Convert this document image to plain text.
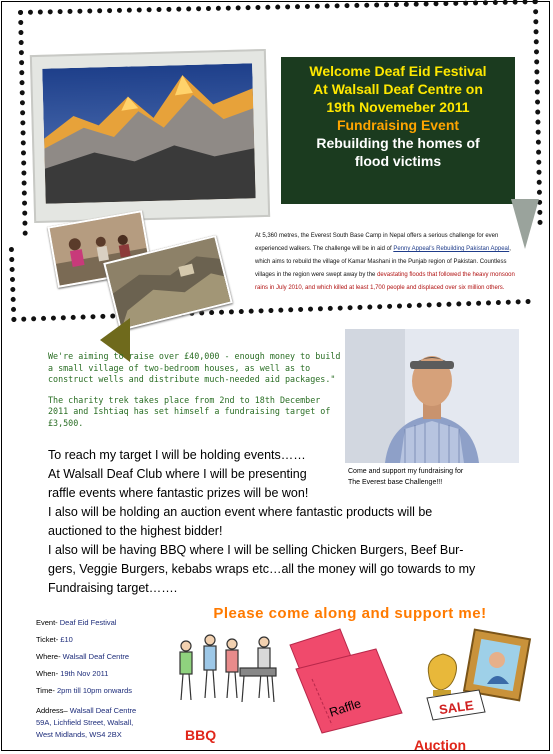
Welcome Deaf Eid Festival
At Walsall Deaf Centre on
19th Novemeber 2011
Fundraising Event
Rebuilding the homes of
flood victims
At 5,360 metres, the Everest South Base Camp in Nepal offers a serious challenge for even experienced walkers. The challenge will be in aid of Penny Appeal's Rebuilding Pakistan Appeal, which aims to rebuild the village of Kamar Mashani in the Punjab region of Pakistan. Countless villages in the region were swept away by the devastating floods that followed the heavy monsoon rains in July 2010, and which killed at least 1,700 people and displaced over six million others.

We're aiming to raise over £40,000 - enough money to build a small village of two-bedroom houses, as well as to construct wells and distribute much-needed aid packages."

The charity trek takes place from 2nd to 18th December 2011 and Ishtiaq has set himself a fundraising target of £3,500.

Come and support my fundraising for
The Everest base Challenge!!!
To reach my target I will be holding events……
At Walsall Deaf Club where I will be presenting
raffle events where fantastic prizes will be won!
I also will be holding an auction event where fantastic products will be
auctioned to the highest bidder!
I also will be having BBQ where I will be selling Chicken Burgers, Beef Bur-
gers, Veggie Burgers, kebabs wraps etc…all the money will go towards to my
Fundraising target…….
Event- Deaf Eid Festival
Ticket- £10
Where- Walsall Deaf Centre
When- 19th Nov 2011
Time- 2pm till 10pm onwards
Address– Walsall Deaf Centre
59A, Lichfield Street, Walsall,
West Midlands, WS4 2BX
Please come along and support me!
BBQ
Raffle	SALE
Auction
